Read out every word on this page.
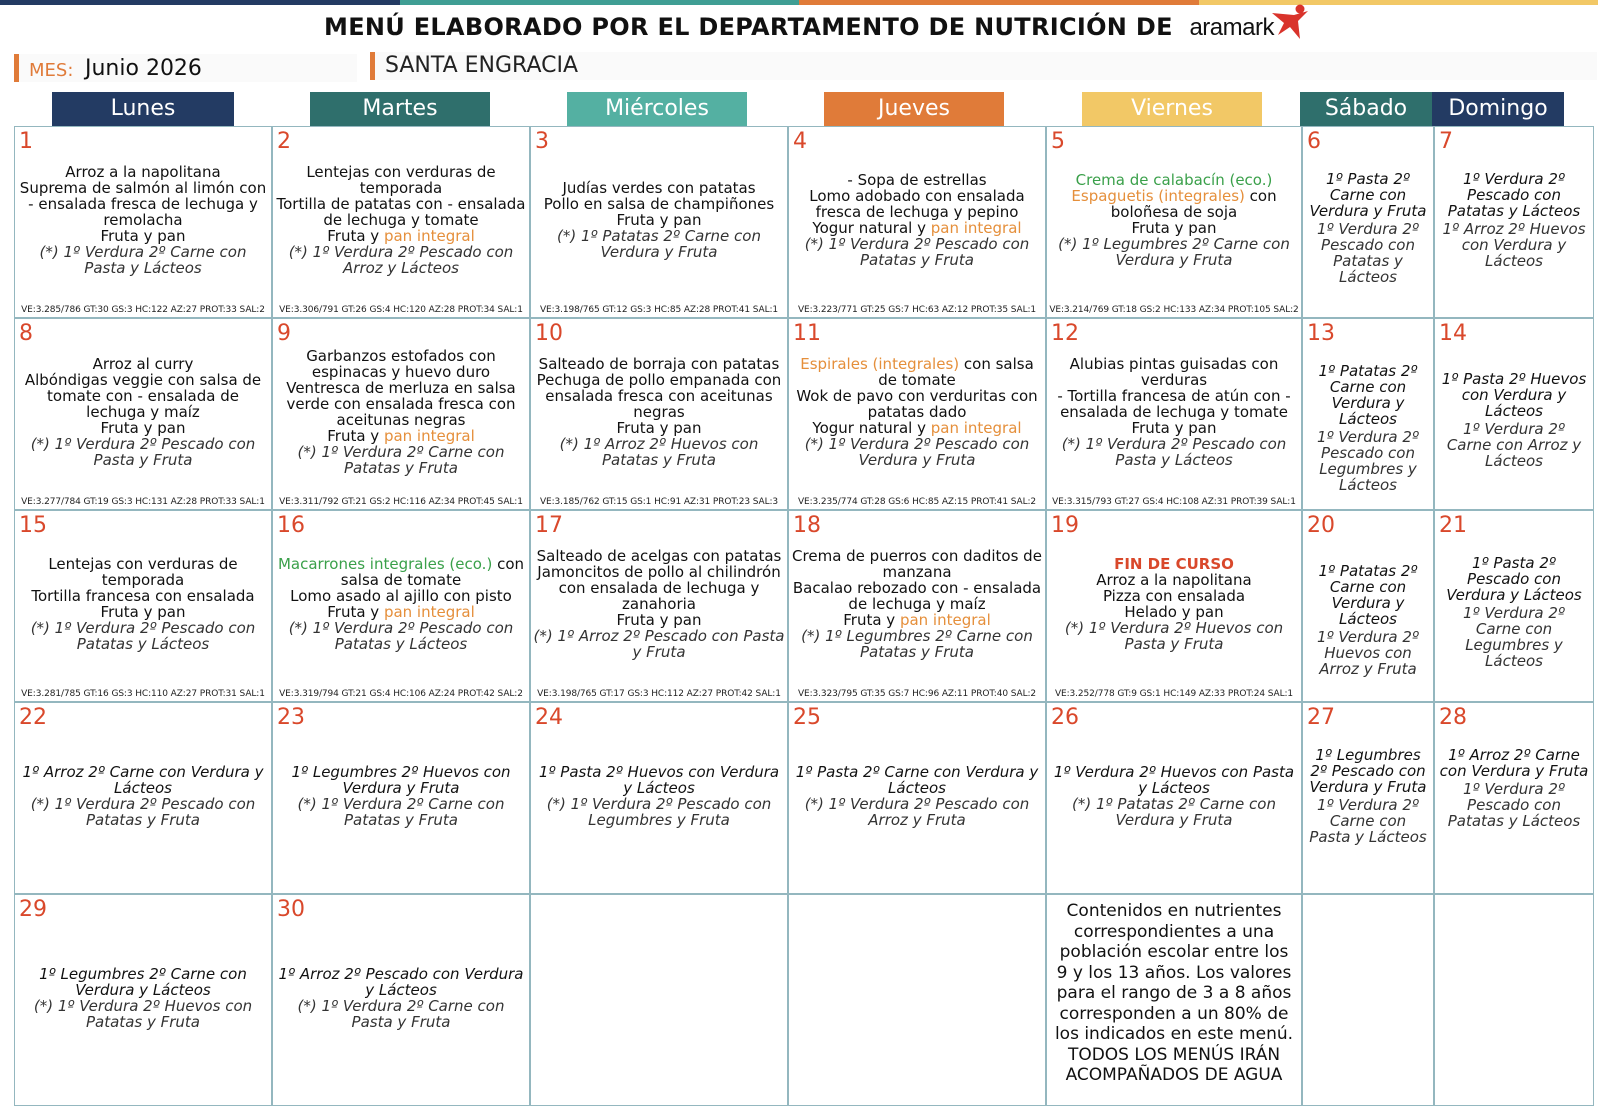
MENÚ ELABORADO POR EL DEPARTAMENTO DE NUTRICIÓN DE aramark
MES: Junio 2026	SANTA ENGRACIA
Lunes	Martes	Miércoles	Jueves	Viernes	Sábado	Domingo
1
Arroz a la napolitana
Suprema de salmón al limón con - ensalada fresca de lechuga y remolacha
Fruta y pan
(*) 1º Verdura 2º Carne con Pasta y Lácteos
VE:3.285/786 GT:30 GS:3 HC:122 AZ:27 PROT:33 SAL:2
2
Lentejas con verduras de temporada
Tortilla de patatas con - ensalada de lechuga y tomate
Fruta y pan integral
(*) 1º Verdura 2º Pescado con Arroz y Lácteos
VE:3.306/791 GT:26 GS:4 HC:120 AZ:28 PROT:34 SAL:1
3
Judías verdes con patatas
Pollo en salsa de champiñones
Fruta y pan
(*) 1º Patatas 2º Carne con Verdura y Fruta
VE:3.198/765 GT:12 GS:3 HC:85 AZ:28 PROT:41 SAL:1
4
- Sopa de estrellas
Lomo adobado con ensalada fresca de lechuga y pepino
Yogur natural y pan integral
(*) 1º Verdura 2º Pescado con Patatas y Fruta
VE:3.223/771 GT:25 GS:7 HC:63 AZ:12 PROT:35 SAL:1
5
Crema de calabacín (eco.)
Espaguetis (integrales) con boloñesa de soja
Fruta y pan
(*) 1º Legumbres 2º Carne con Verdura y Fruta
VE:3.214/769 GT:18 GS:2 HC:133 AZ:34 PROT:105 SAL:2
6
1º Pasta 2º Carne con Verdura y Fruta
1º Verdura 2º Pescado con Patatas y Lácteos
7
1º Verdura 2º Pescado con Patatas y Lácteos
1º Arroz 2º Huevos con Verdura y Lácteos
8
Arroz al curry
Albóndigas veggie con salsa de tomate con - ensalada de lechuga y maíz
Fruta y pan
(*) 1º Verdura 2º Pescado con Pasta y Fruta
VE:3.277/784 GT:19 GS:3 HC:131 AZ:28 PROT:33 SAL:1
9
Garbanzos estofados con espinacas y huevo duro
Ventresca de merluza en salsa verde con ensalada fresca con aceitunas negras
Fruta y pan integral
(*) 1º Verdura 2º Carne con Patatas y Fruta
VE:3.311/792 GT:21 GS:2 HC:116 AZ:34 PROT:45 SAL:1
10
Salteado de borraja con patatas
Pechuga de pollo empanada con ensalada fresca con aceitunas negras
Fruta y pan
(*) 1º Arroz 2º Huevos con Patatas y Fruta
VE:3.185/762 GT:15 GS:1 HC:91 AZ:31 PROT:23 SAL:3
11
Espirales (integrales) con salsa de tomate
Wok de pavo con verduritas con patatas dado
Yogur natural y pan integral
(*) 1º Verdura 2º Pescado con Verdura y Fruta
VE:3.235/774 GT:28 GS:6 HC:85 AZ:15 PROT:41 SAL:2
12
Alubias pintas guisadas con verduras
- Tortilla francesa de atún con - ensalada de lechuga y tomate
Fruta y pan
(*) 1º Verdura 2º Pescado con Pasta y Lácteos
VE:3.315/793 GT:27 GS:4 HC:108 AZ:31 PROT:39 SAL:1
13
1º Patatas 2º Carne con Verdura y Lácteos
1º Verdura 2º Pescado con Legumbres y Lácteos
14
1º Pasta 2º Huevos con Verdura y Lácteos
1º Verdura 2º Carne con Arroz y Lácteos
15
Lentejas con verduras de temporada
Tortilla francesa con ensalada
Fruta y pan
(*) 1º Verdura 2º Pescado con Patatas y Lácteos
VE:3.281/785 GT:16 GS:3 HC:110 AZ:27 PROT:31 SAL:1
16
Macarrones integrales (eco.) con salsa de tomate
Lomo asado al ajillo con pisto
Fruta y pan integral
(*) 1º Verdura 2º Pescado con Patatas y Lácteos
VE:3.319/794 GT:21 GS:4 HC:106 AZ:24 PROT:42 SAL:2
17
Salteado de acelgas con patatas
Jamoncitos de pollo al chilindrón con ensalada de lechuga y zanahoria
Fruta y pan
(*) 1º Arroz 2º Pescado con Pasta y Fruta
VE:3.198/765 GT:17 GS:3 HC:112 AZ:27 PROT:42 SAL:1
18
Crema de puerros con daditos de manzana
Bacalao rebozado con - ensalada de lechuga y maíz
Fruta y pan integral
(*) 1º Legumbres 2º Carne con Patatas y Fruta
VE:3.323/795 GT:35 GS:7 HC:96 AZ:11 PROT:40 SAL:2
19
FIN DE CURSO
Arroz a la napolitana
Pizza con ensalada
Helado y pan
(*) 1º Verdura 2º Huevos con Pasta y Fruta
VE:3.252/778 GT:9 GS:1 HC:149 AZ:33 PROT:24 SAL:1
20
1º Patatas 2º Carne con Verdura y Lácteos
1º Verdura 2º Huevos con Arroz y Fruta
21
1º Pasta 2º Pescado con Verdura y Lácteos
1º Verdura 2º Carne con Legumbres y Lácteos
22
1º Arroz 2º Carne con Verdura y Lácteos
(*) 1º Verdura 2º Pescado con Patatas y Fruta
23
1º Legumbres 2º Huevos con Verdura y Fruta
(*) 1º Verdura 2º Carne con Patatas y Fruta
24
1º Pasta 2º Huevos con Verdura y Lácteos
(*) 1º Verdura 2º Pescado con Legumbres y Fruta
25
1º Pasta 2º Carne con Verdura y Lácteos
(*) 1º Verdura 2º Pescado con Arroz y Fruta
26
1º Verdura 2º Huevos con Pasta y Lácteos
(*) 1º Patatas 2º Carne con Verdura y Fruta
27
1º Legumbres 2º Pescado con Verdura y Fruta
1º Verdura 2º Carne con Pasta y Lácteos
28
1º Arroz 2º Carne con Verdura y Fruta
1º Verdura 2º Pescado con Patatas y Lácteos
29
1º Legumbres 2º Carne con Verdura y Lácteos
(*) 1º Verdura 2º Huevos con Patatas y Fruta
30
1º Arroz 2º Pescado con Verdura y Lácteos
(*) 1º Verdura 2º Carne con Pasta y Fruta
Contenidos en nutrientes correspondientes a una población escolar entre los 9 y los 13 años. Los valores para el rango de 3 a 8 años corresponden a un 80% de los indicados en este menú. TODOS LOS MENÚS IRÁN ACOMPAÑADOS DE AGUA
